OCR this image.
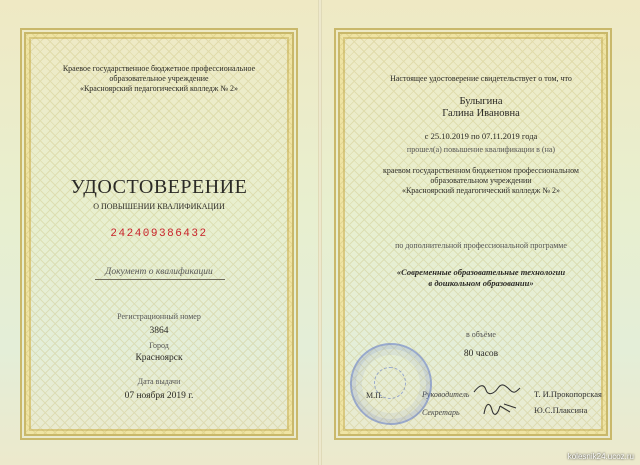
Краевое государственное бюджетное профессиональное
образовательное учреждение
«Красноярский педагогический колледж № 2»
УДОСТОВЕРЕНИЕ
О ПОВЫШЕНИИ КВАЛИФИКАЦИИ
242409386432
Документ о квалификации
Регистрационный номер
3864
Город
Красноярск
Дата выдачи
07 ноября 2019 г.
Настоящее удостоверение свидетельствует о том, что
Булыгина
Галина Ивановна
с 25.10.2019 по 07.11.2019 года
прошел(а) повышение квалификации в (на)
краевом государственном бюджетном профессиональном
образовательном учреждении
«Красноярский педагогический колледж № 2»
по дополнительной профессиональной программе
«Современные образовательные технологии
в дошкольном образовании»
в объёме
80 часов
М.П.	Руководитель
Секретарь
Т. И.Прокопорская
Ю.С.Плаксина
kolesnik24.ucoz.ru
